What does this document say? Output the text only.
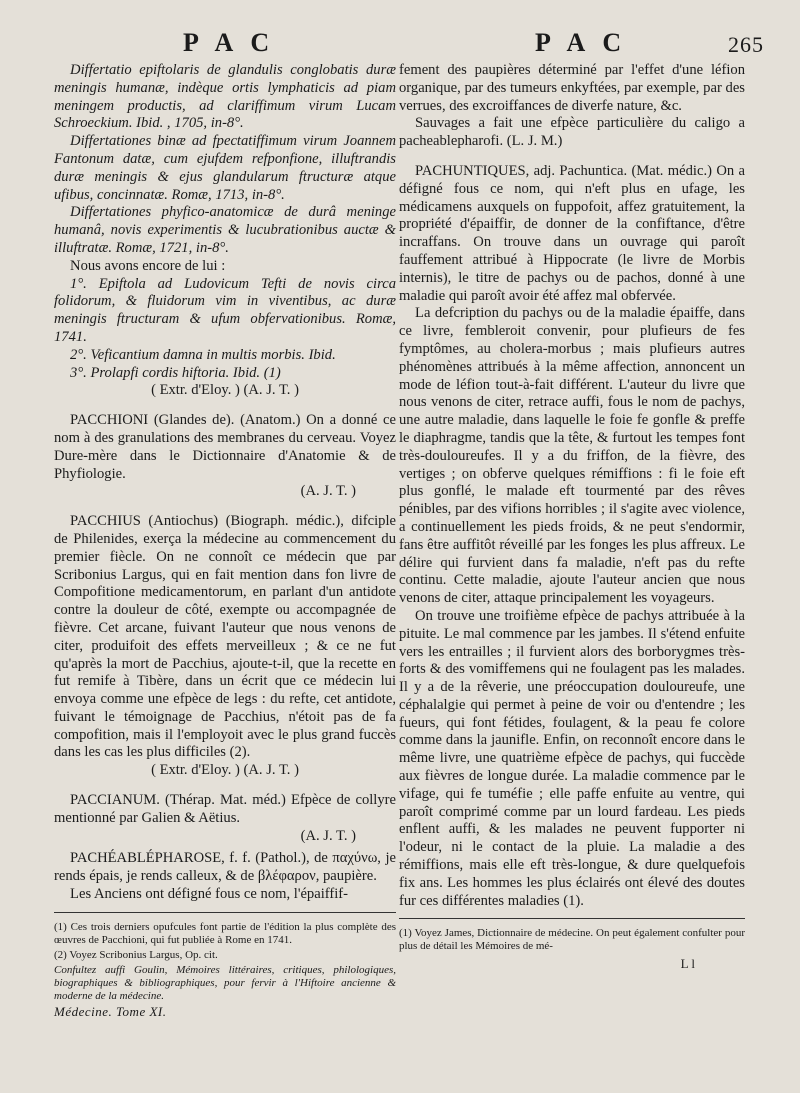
P A C	P A C	265

Differtatio epiftolaris de glandulis conglobatis duræ meningis humanæ, indèque ortis lymphaticis ad piam meningem productis, ad clariffimum virum Lucam Schroeckium. Ibid. , 1705, in-8°.

Differtationes binæ ad fpectatiffimum virum Joannem Fantonum datæ, cum ejufdem refponfione, illuftrandis duræ meningis & ejus glandularum ftructuræ atque ufibus, concinnatæ. Romæ, 1713, in-8°.

Differtationes phyfico-anatomicæ de durâ meninge humanâ, novis experimentis & lucubrationibus auctæ & illuftratæ. Romæ, 1721, in-8°.

Nous avons encore de lui :

1°. Epiftola ad Ludovicum Tefti de novis circa folidorum, & fluidorum vim in viventibus, ac duræ meningis ftructuram & ufum obfervationibus. Romæ, 1741.

2°. Veficantium damna in multis morbis. Ibid.

3°. Prolapfi cordis hiftoria. Ibid. (1)

( Extr. d'Eloy. ) (A. J. T. )

PACCHIONI (Glandes de). (Anatom.) On a donné ce nom à des granulations des membranes du cerveau. Voyez Dure-mère dans le Dictionnaire d'Anatomie & de Phyfiologie.

(A. J. T. )

PACCHIUS (Antiochus) (Biograph. médic.), difciple de Philenides, exerça la médecine au commencement du premier fiècle. On ne connoît ce médecin que par Scribonius Largus, qui en fait mention dans fon livre de Compofitione medicamentorum, en parlant d'un antidote contre la douleur de côté, exempte ou accompagnée de fièvre. Cet arcane, fuivant l'auteur que nous venons de citer, produifoit des effets merveilleux ; & ce ne fut qu'après la mort de Pacchius, ajoute-t-il, que la recette en fut remife à Tibère, dans un écrit que ce médecin lui envoya comme une efpèce de legs : du refte, cet antidote, fuivant le témoignage de Pacchius, n'étoit pas de fa compofition, mais il l'employoit avec le plus grand fuccès dans les cas les plus difficiles (2).

( Extr. d'Eloy. ) (A. J. T. )

PACCIANUM. (Thérap. Mat. méd.) Efpèce de collyre mentionné par Galien & Aëtius.

(A. J. T. )

PACHÉABLÉPHAROSE, f. f. (Pathol.), de παχύνω, je rends épais, je rends calleux, & de βλέφαρον, paupière.

Les Anciens ont défigné fous ce nom, l'épaiffif-

(1) Ces trois derniers opufcules font partie de l'édition la plus complète des œuvres de Pacchioni, qui fut publiée à Rome en 1741.

(2) Voyez Scribonius Largus, Op. cit.

Confultez auffi Goulin, Mémoires littéraires, critiques, philologiques, biographiques & bibliographiques, pour fervir à l'Hiftoire ancienne & moderne de la médecine.

Médecine. Tome XI.

fement des paupières déterminé par l'effet d'une léfion organique, par des tumeurs enkyftées, par exemple, par des verrues, des excroiffances de diverfe nature, &c.

Sauvages a fait une efpèce particulière du caligo a pacheablepharofi. (L. J. M.)

PACHUNTIQUES, adj. Pachuntica. (Mat. médic.) On a défigné fous ce nom, qui n'eft plus en ufage, les médicamens auxquels on fuppofoit, affez gratuitement, la propriété d'épaiffir, de donner de la confiftance, d'être incraffans. On trouve dans un ouvrage qui paroît fauffement attribué à Hippocrate (le livre de Morbis internis), le titre de pachys ou de pachos, donné à une maladie qui paroît avoir été affez mal obfervée.

La defcription du pachys ou de la maladie épaiffe, dans ce livre, fembleroit convenir, pour plufieurs de fes fymptômes, au cholera-morbus ; mais plufieurs autres phénomènes attribués à la même affection, annoncent un mode de léfion tout-à-fait différent. L'auteur du livre que nous venons de citer, retrace auffi, fous le nom de pachys, une autre maladie, dans laquelle le foie fe gonfle & preffe le diaphragme, tandis que la tête, & furtout les tempes font très-douloureufes. Il y a du friffon, de la fièvre, des vertiges ; on obferve quelques rémiffions : fi le foie eft plus gonflé, le malade eft tourmenté par des rêves pénibles, par des vifions horribles ; il s'agite avec violence, a continuellement les pieds froids, & ne peut s'endormir, fans être auffitôt réveillé par les fonges les plus affreux. Le délire qui furvient dans fa maladie, n'eft pas du refte continu. Cette maladie, ajoute l'auteur ancien que nous venons de citer, attaque principalement les voyageurs.

On trouve une troifième efpèce de pachys attribuée à la pituite. Le mal commence par les jambes. Il s'étend enfuite vers les entrailles ; il furvient alors des borborygmes très-forts & des vomiffemens qui ne foulagent pas les malades. Il y a de la rêverie, une préoccupation douloureufe, une céphalalgie qui permet à peine de voir ou d'entendre ; les fueurs, qui font fétides, foulagent, & la peau fe colore comme dans la jaunifle. Enfin, on reconnoît encore dans le même livre, une quatrième efpèce de pachys, qui fuccède aux fièvres de longue durée. La maladie commence par le vifage, qui fe tuméfie ; elle paffe enfuite au ventre, qui paroît comprimé comme par un lourd fardeau. Les pieds enflent auffi, & les malades ne peuvent fupporter ni l'odeur, ni le contact de la pluie. La maladie a des rémiffions, mais elle eft très-longue, & dure quelquefois fix ans. Les hommes les plus éclairés ont élevé des doutes fur ces différentes maladies (1).

(1) Voyez James, Dictionnaire de médecine. On peut également confulter pour plus de détail les Mémoires de mé-

L l
